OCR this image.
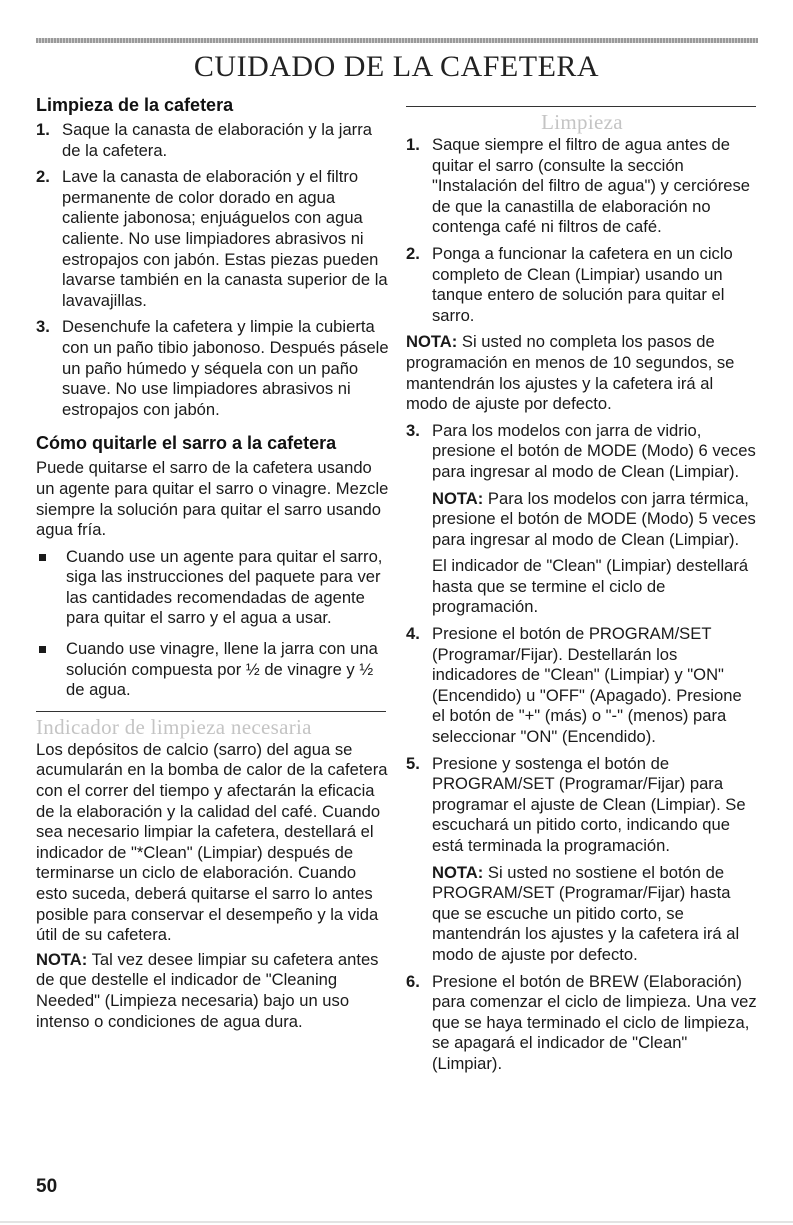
CUIDADO DE LA CAFETERA
Limpieza de la cafetera
1. Saque la canasta de elaboración y la jarra de la cafetera.
2. Lave la canasta de elaboración y el filtro permanente de color dorado en agua caliente jabonosa; enjuáguelos con agua caliente. No use limpiadores abrasivos ni estropajos con jabón. Estas piezas pueden lavarse también en la canasta superior de la lavavajillas.
3. Desenchufe la cafetera y limpie la cubierta con un paño tibio jabonoso. Después pásele un paño húmedo y séquela con un paño suave. No use limpiadores abrasivos ni estropajos con jabón.
Cómo quitarle el sarro a la cafetera

Puede quitarse el sarro de la cafetera usando un agente para quitar el sarro o vinagre. Mezcle siempre la solución para quitar el sarro usando agua fría.

Cuando use un agente para quitar el sarro, siga las instrucciones del paquete para ver las cantidades recomendadas de agente para quitar el sarro y el agua a usar.
Cuando use vinagre, llene la jarra con una solución compuesta por ½ de vinagre y ½ de agua.
Indicador de limpieza necesaria

Los depósitos de calcio (sarro) del agua se acumularán en la bomba de calor de la cafetera con el correr del tiempo y afectarán la eficacia de la elaboración y la calidad del café. Cuando sea necesario limpiar la cafetera, destellará el indicador de "*Clean" (Limpiar) después de terminarse un ciclo de elaboración. Cuando esto suceda, deberá quitarse el sarro lo antes posible para conservar el desempeño y la vida útil de su cafetera.

NOTA: Tal vez desee limpiar su cafetera antes de que destelle el indicador de "Cleaning Needed" (Limpieza necesaria) bajo un uso intenso o condiciones de agua dura.

Limpieza
1. Saque siempre el filtro de agua antes de quitar el sarro (consulte la sección "Instalación del filtro de agua") y cerciórese de que la canastilla de elaboración no contenga café ni filtros de café.
2. Ponga a funcionar la cafetera en un ciclo completo de Clean (Limpiar) usando un tanque entero de solución para quitar el sarro.

NOTA: Si usted no completa los pasos de programación en menos de 10 segundos, se mantendrán los ajustes y la cafetera irá al modo de ajuste por defecto.

3. Para los modelos con jarra de vidrio, presione el botón de MODE (Modo) 6 veces para ingresar al modo de Clean (Limpiar).

NOTA: Para los modelos con jarra térmica, presione el botón de MODE (Modo) 5 veces para ingresar al modo de Clean (Limpiar).

El indicador de "Clean" (Limpiar) destellará hasta que se termine el ciclo de programación.

4. Presione el botón de PROGRAM/SET (Programar/Fijar). Destellarán los indicadores de "Clean" (Limpiar) y "ON" (Encendido) u "OFF" (Apagado). Presione el botón de "+" (más) o "-" (menos) para seleccionar "ON" (Encendido).
5. Presione y sostenga el botón de PROGRAM/SET (Programar/Fijar) para programar el ajuste de Clean (Limpiar). Se escuchará un pitido corto, indicando que está terminada la programación.

NOTA: Si usted no sostiene el botón de PROGRAM/SET (Programar/Fijar) hasta que se escuche un pitido corto, se mantendrán los ajustes y la cafetera irá al modo de ajuste por defecto.

6. Presione el botón de BREW (Elaboración) para comenzar el ciclo de limpieza. Una vez que se haya terminado el ciclo de limpieza, se apagará el indicador de "Clean" (Limpiar).
50
